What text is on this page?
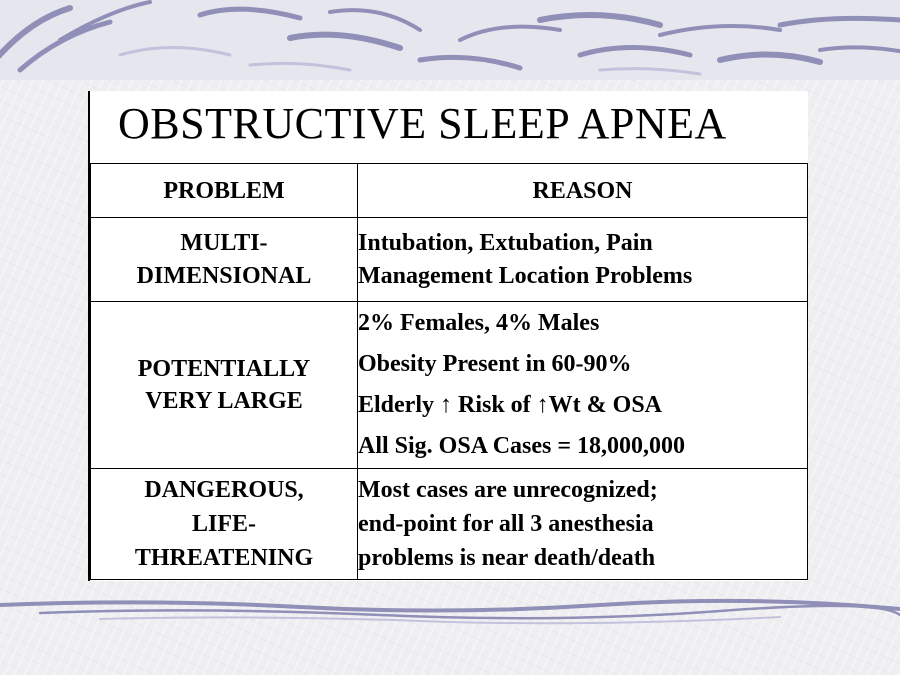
OBSTRUCTIVE SLEEP APNEA
PROBLEM	REASON

MULTI-
DIMENSIONAL	Intubation, Extubation, Pain
Management Location Problems

POTENTIALLY
VERY LARGE	2% Females, 4% Males
Obesity Present in 60-90%
Elderly ↑ Risk of ↑Wt & OSA
All Sig. OSA Cases = 18,000,000

DANGEROUS,
LIFE-
THREATENING	Most cases are unrecognized;
end-point for all 3 anesthesia
problems is near death/death
